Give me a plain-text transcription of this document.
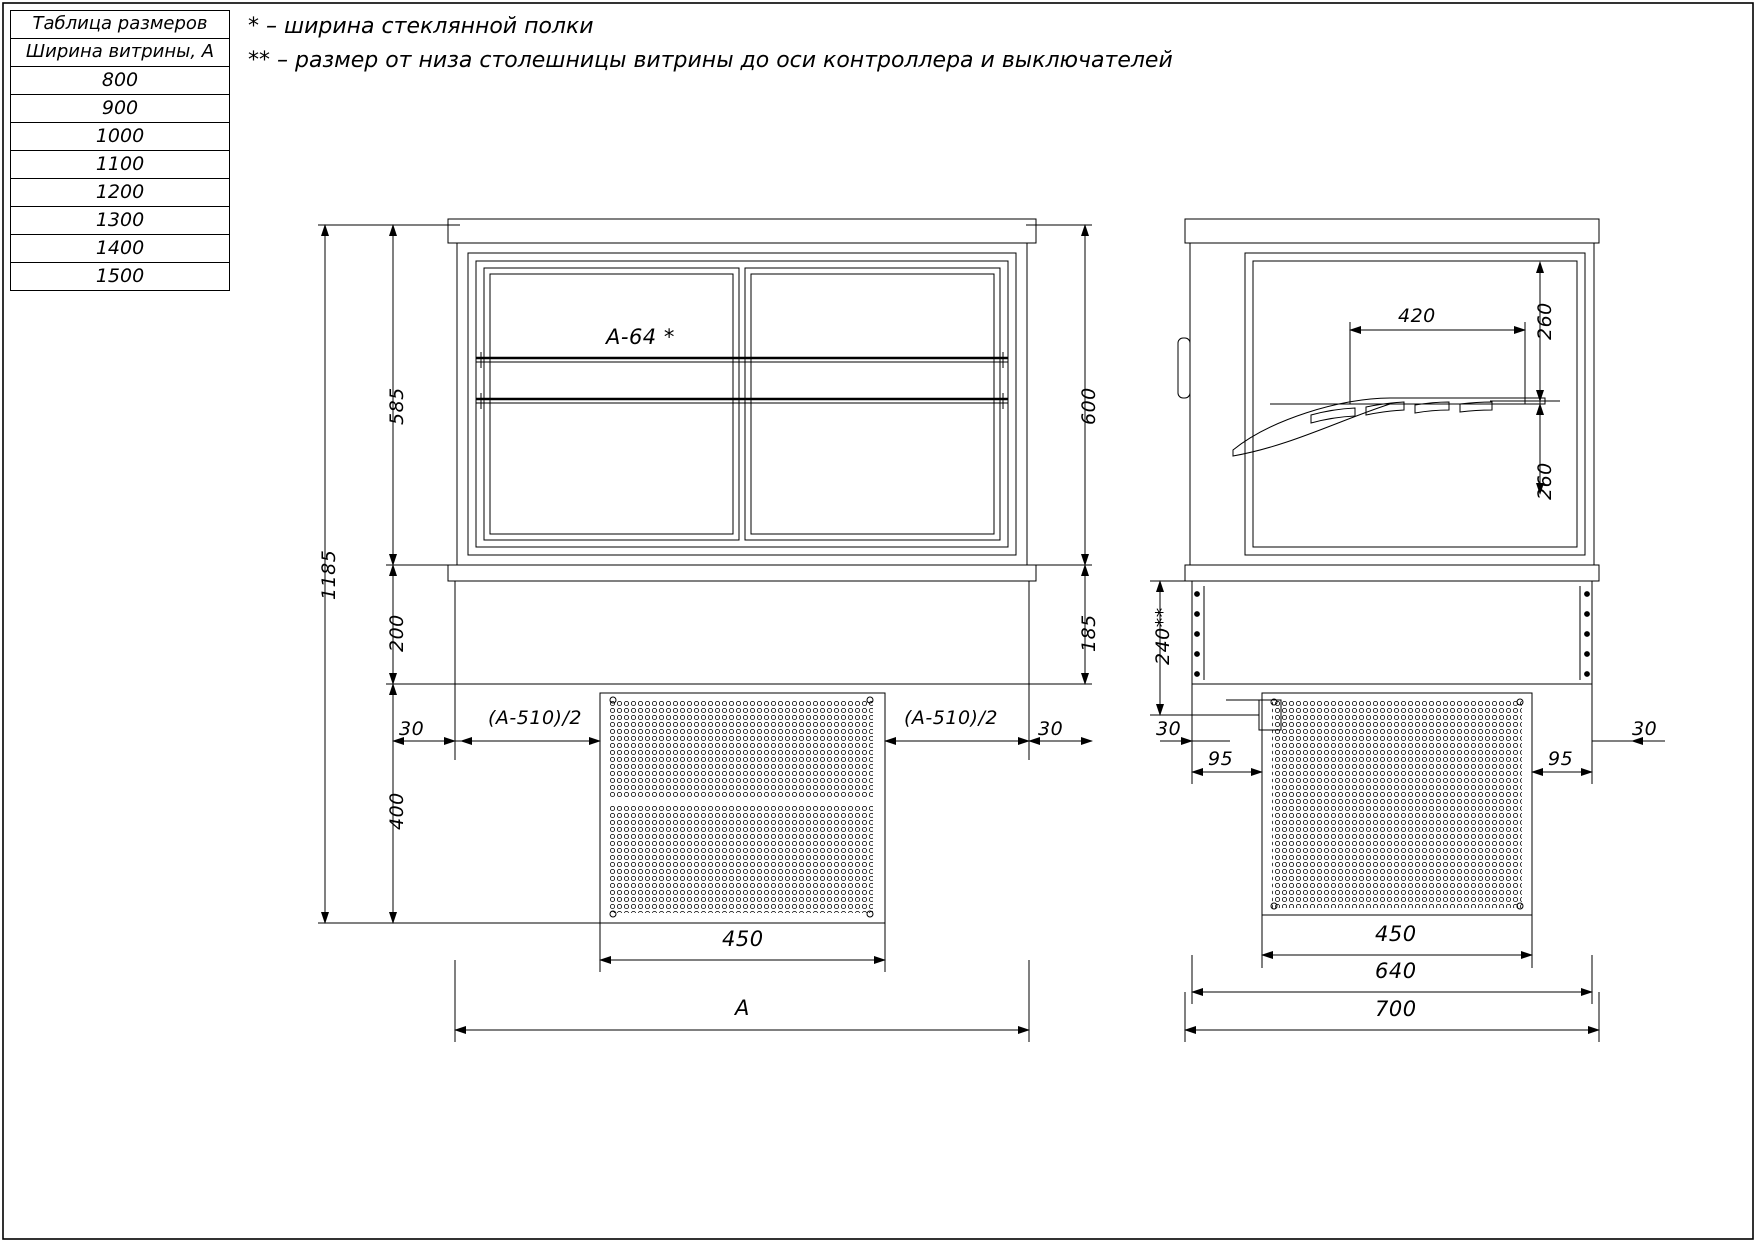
Таблица размеров
Ширина витрины, А
800
900
1000
1100
1200
1300
1400
1500
* – ширина стеклянной полки
** – размер от низа столешницы витрины до оси контроллера и выключателей
А-64 *
1185
585
200
400
600
185
30	30
(А-510)/2	(А-510)/2
450
А
420	260
260
240**
30	30
95	95
450
640
700
